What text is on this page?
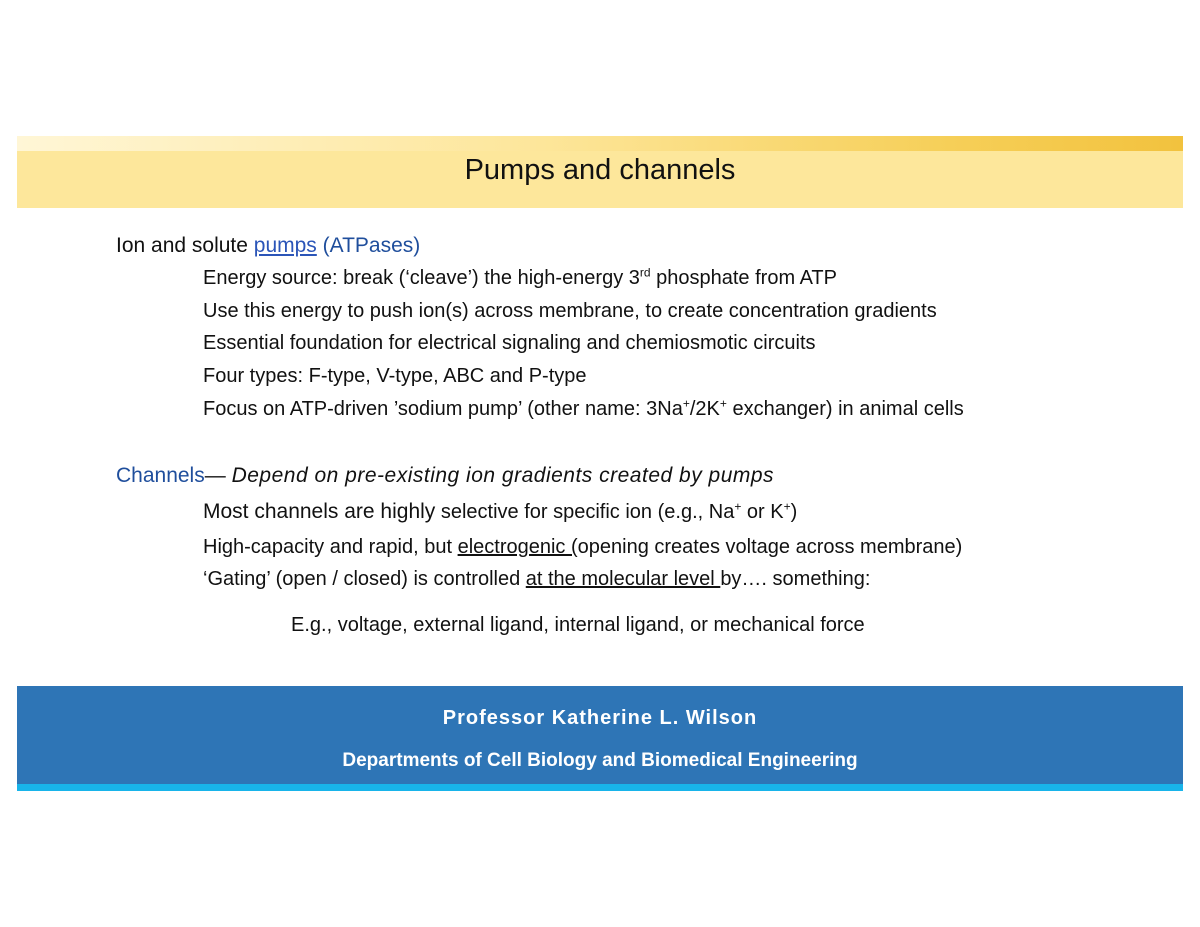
Pumps and channels
Ion and solute pumps (ATPases)
Energy source: break (‘cleave’) the high-energy 3rd phosphate from ATP
Use this energy to push ion(s) across membrane, to create concentration gradients
Essential foundation for electrical signaling and chemiosmotic circuits
Four types: F-type, V-type, ABC and P-type
Focus on ATP-driven ’sodium pump’ (other name: 3Na+/2K+ exchanger) in animal cells
Channels— Depend on pre-existing ion gradients created by pumps
Most channels are highly selective for specific ion (e.g., Na+ or K+)
High-capacity and rapid, but electrogenic (opening creates voltage across membrane)
‘Gating’ (open / closed) is controlled at the molecular level by…. something:
E.g., voltage, external ligand, internal ligand, or mechanical force
Professor Katherine L. Wilson
Departments of Cell Biology and Biomedical Engineering
